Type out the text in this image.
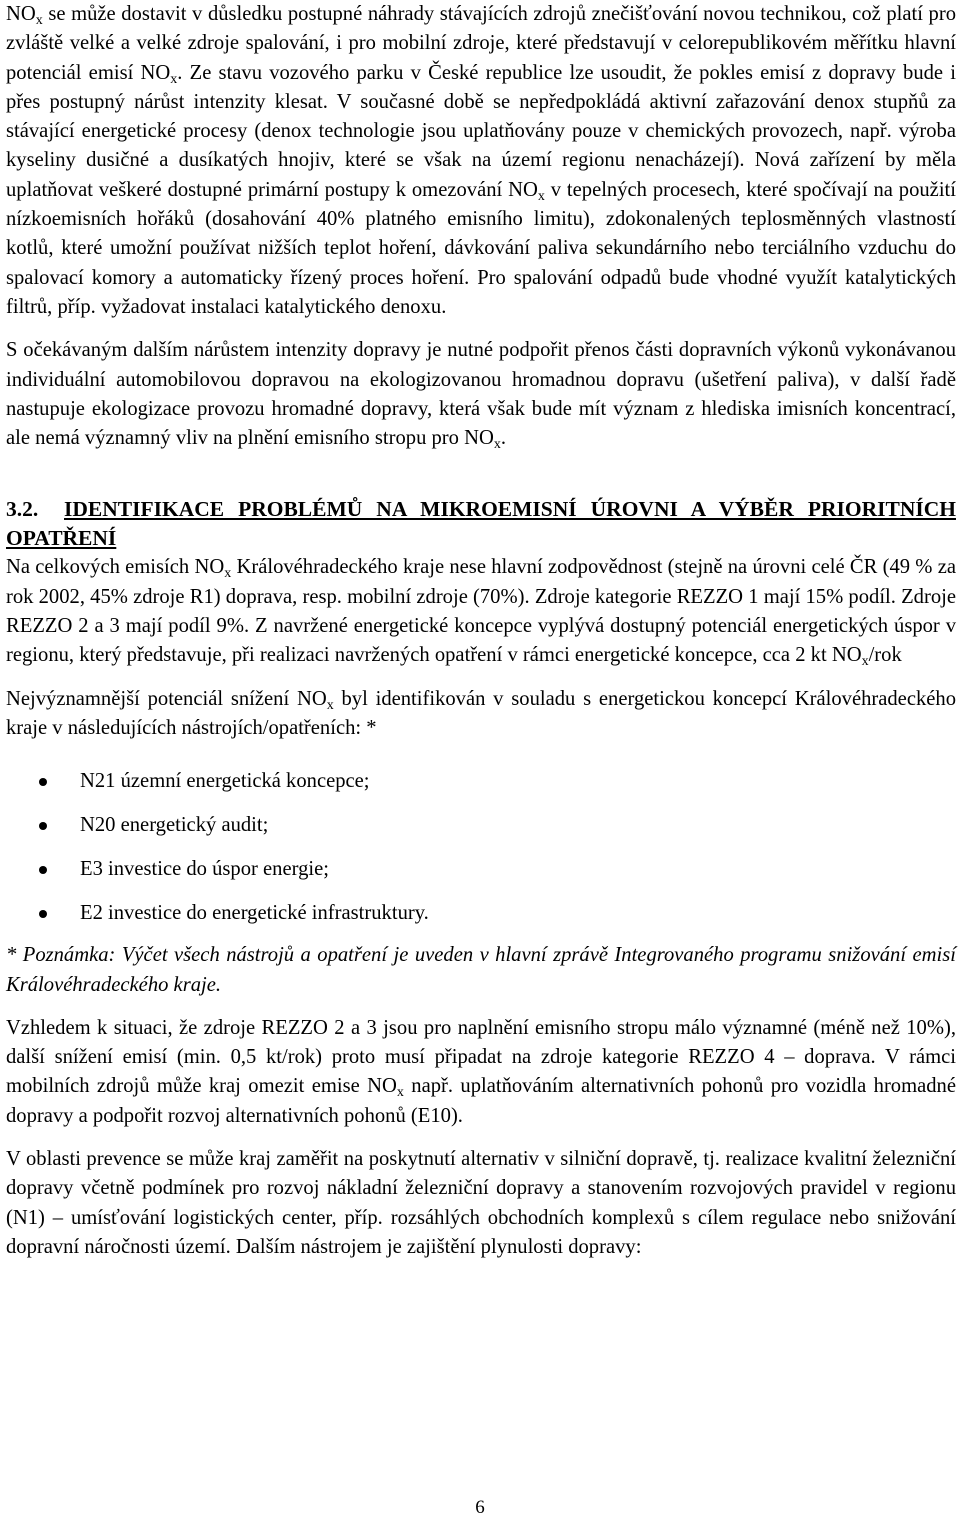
$NO_x$ se může dostavit v důsledku postupné náhrady stávajících zdrojů znečišťování novou technikou, což platí pro zvláště velké a velké zdroje spalování, i pro mobilní zdroje, které představují v celorepublikovém měřítku hlavní potenciál emisí $NO_x$. Ze stavu vozového parku v České republice lze usoudit, že pokles emisí z dopravy bude i přes postupný nárůst intenzity klesat. V současné době se nepředpokládá aktivní zařazování denox stupňů za stávající energetické procesy (denox technologie jsou uplatňovány pouze v chemických provozech, např. výroba kyseliny dusičné a dusíkatých hnojiv, které se však na území regionu nenacházejí). Nová zařízení by měla uplatňovat veškeré dostupné primární postupy k omezování $NO_x$ v tepelných procesech, které spočívají na použití nízkoemisních hořáků (dosahování 40% platného emisního limitu), zdokonalených teplosměnných vlastností kotlů, které umožní používat nižších teplot hoření, dávkování paliva sekundárního nebo terciálního vzduchu do spalovací komory a automaticky řízený proces hoření. Pro spalování odpadů bude vhodné využít katalytických filtrů, příp. vyžadovat instalaci katalytického denoxu.

S očekávaným dalším nárůstem intenzity dopravy je nutné podpořit přenos části dopravních výkonů vykonávanou individuální automobilovou dopravou na ekologizovanou hromadnou dopravu (ušetření paliva), v další řadě nastupuje ekologizace provozu hromadné dopravy, která však bude mít význam z hlediska imisních koncentrací, ale nemá významný vliv na plnění emisního stropu pro $NO_x$.

3.2. IDENTIFIKACE PROBLÉMŮ NA MIKROEMISNÍ ÚROVNI A VÝBĚR PRIORITNÍCH OPATŘENÍ

Na celkových emisích $NO_x$ Královéhradeckého kraje nese hlavní zodpovědnost (stejně na úrovni celé ČR (49 % za rok 2002, 45% zdroje R1) doprava, resp. mobilní zdroje (70%). Zdroje kategorie REZZO 1 mají 15% podíl. Zdroje REZZO 2 a 3 mají podíl 9%. Z navržené energetické koncepce vyplývá dostupný potenciál energetických úspor v regionu, který představuje, při realizaci navržených opatření v rámci energetické koncepce, cca 2 kt $NO_x$/rok

Nejvýznamnější potenciál snížení $NO_x$ byl identifikován v souladu s energetickou koncepcí Královéhradeckého kraje v následujících nástrojích/opatřeních: *

N21 územní energetická koncepce;
N20 energetický audit;
E3 investice do úspor energie;
E2 investice do energetické infrastruktury.

* Poznámka: Výčet všech nástrojů a opatření je uveden v hlavní zprávě Integrovaného programu snižování emisí Královéhradeckého kraje.

Vzhledem k situaci, že zdroje REZZO 2 a 3 jsou pro naplnění emisního stropu málo významné (méně než 10%), další snížení emisí (min. 0,5 kt/rok) proto musí připadat na zdroje kategorie REZZO 4 – doprava. V rámci mobilních zdrojů může kraj omezit emise $NO_x$ např. uplatňováním alternativních pohonů pro vozidla hromadné dopravy a podpořit rozvoj alternativních pohonů (E10).

V oblasti prevence se může kraj zaměřit na poskytnutí alternativ v silniční dopravě, tj. realizace kvalitní železniční dopravy včetně podmínek pro rozvoj nákladní železniční dopravy a stanovením rozvojových pravidel v regionu (N1) – umísťování logistických center, příp. rozsáhlých obchodních komplexů s cílem regulace nebo snižování dopravní náročnosti území. Dalším nástrojem je zajištění plynulosti dopravy:

6
